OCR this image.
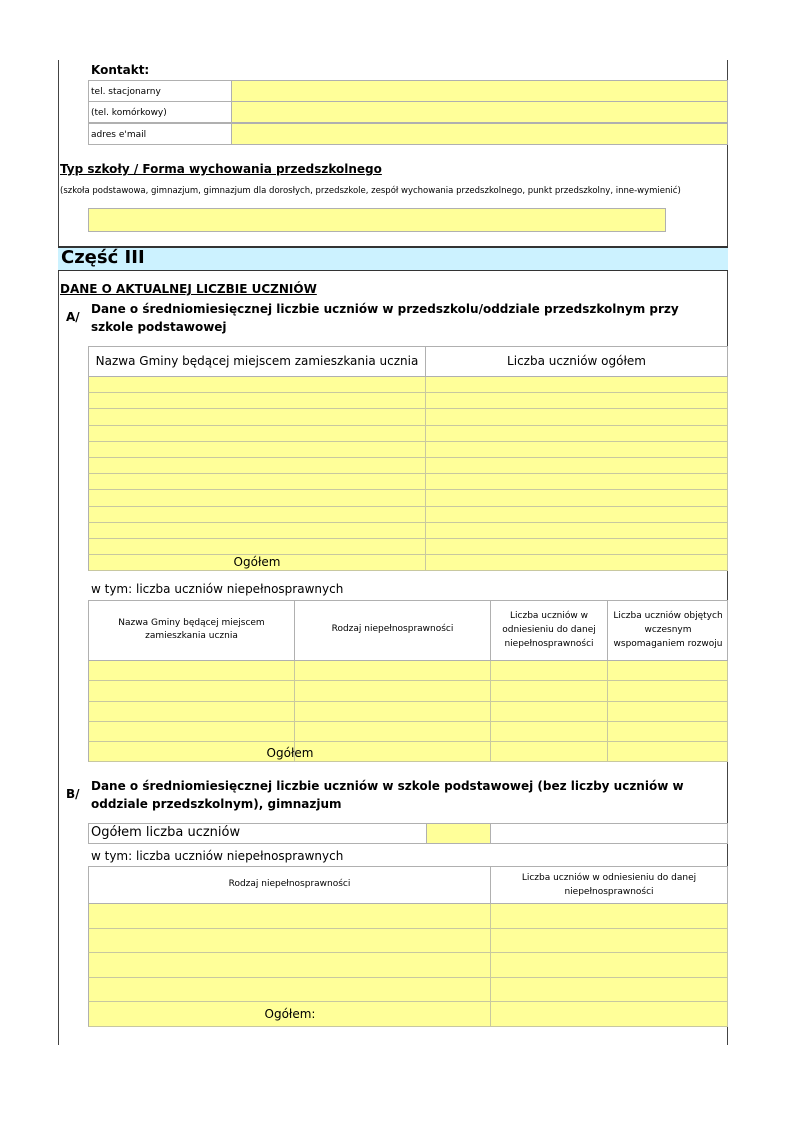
Kontakt:
tel. stacjonarny
(tel. komórkowy)
adres e'mail
Typ szkoły / Forma wychowania przedszkolnego
(szkoła podstawowa, gimnazjum, gimnazjum dla dorosłych, przedszkole, zespół wychowania przedszkolnego, punkt przedszkolny, inne-wymienić)
Część III
DANE O AKTUALNEJ LICZBIE UCZNIÓW
A/
Dane o średniomiesięcznej liczbie uczniów w przedszkolu/oddziale przedszkolnym przy szkole podstawowej
Nazwa Gminy będącej miejscem zamieszkania ucznia	Liczba uczniów ogółem
Ogółem
w tym: liczba uczniów niepełnosprawnych
Nazwa Gminy będącej miejscem zamieszkania ucznia
Rodzaj niepełnosprawności
Liczba uczniów w odniesieniu do danej niepełnosprawności
Liczba uczniów objętych wczesnym wspomaganiem rozwoju
Ogółem
B/
Dane o średniomiesięcznej liczbie uczniów w szkole podstawowej (bez liczby uczniów w oddziale przedszkolnym), gimnazjum
Ogółem liczba uczniów
w tym: liczba uczniów niepełnosprawnych
Rodzaj niepełnosprawności
Liczba uczniów w odniesieniu do danej niepełnosprawności
Ogółem:
